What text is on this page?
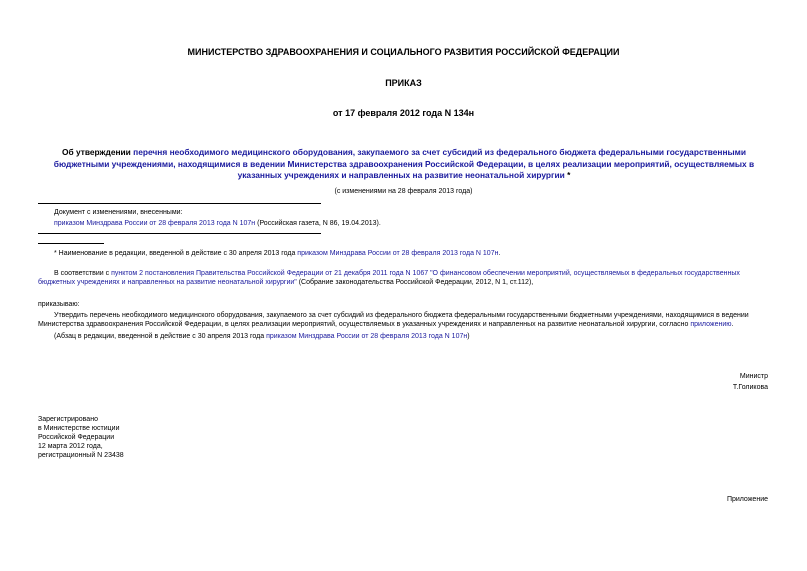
МИНИСТЕРСТВО ЗДРАВООХРАНЕНИЯ И СОЦИАЛЬНОГО РАЗВИТИЯ РОССИЙСКОЙ ФЕДЕРАЦИИ
ПРИКАЗ
от 17 февраля 2012 года N 134н
Об утверждении перечня необходимого медицинского оборудования, закупаемого за счет субсидий из федерального бюджета федеральными государственными бюджетными учреждениями, находящимися в ведении Министерства здравоохранения Российской Федерации, в целях реализации мероприятий, осуществляемых в указанных учреждениях и направленных на развитие неонатальной хирургии *
(с изменениями на 28 февраля 2013 года)
Документ с изменениями, внесенными:
приказом Минздрава России от 28 февраля 2013 года N 107н (Российская газета, N 86, 19.04.2013).
* Наименование в редакции, введенной в действие с 30 апреля 2013 года приказом Минздрава России от 28 февраля 2013 года N 107н.
В соответствии с пунктом 2 постановления Правительства Российской Федерации от 21 декабря 2011 года N 1067 "О финансовом обеспечении мероприятий, осуществляемых в федеральных государственных бюджетных учреждениях и направленных на развитие неонатальной хирургии" (Собрание законодательства Российской Федерации, 2012, N 1, ст.112),
приказываю:
Утвердить перечень необходимого медицинского оборудования, закупаемого за счет субсидий из федерального бюджета федеральными государственными бюджетными учреждениями, находящимися в ведении Министерства здравоохранения Российской Федерации, в целях реализации мероприятий, осуществляемых в указанных учреждениях и направленных на развитие неонатальной хирургии, согласно приложению.
(Абзац в редакции, введенной в действие с 30 апреля 2013 года приказом Минздрава России от 28 февраля 2013 года N 107н)
Министр
Т.Голикова
Зарегистрировано
в Министерстве юстиции
Российской Федерации
12 марта 2012 года,
регистрационный N 23438
Приложение
